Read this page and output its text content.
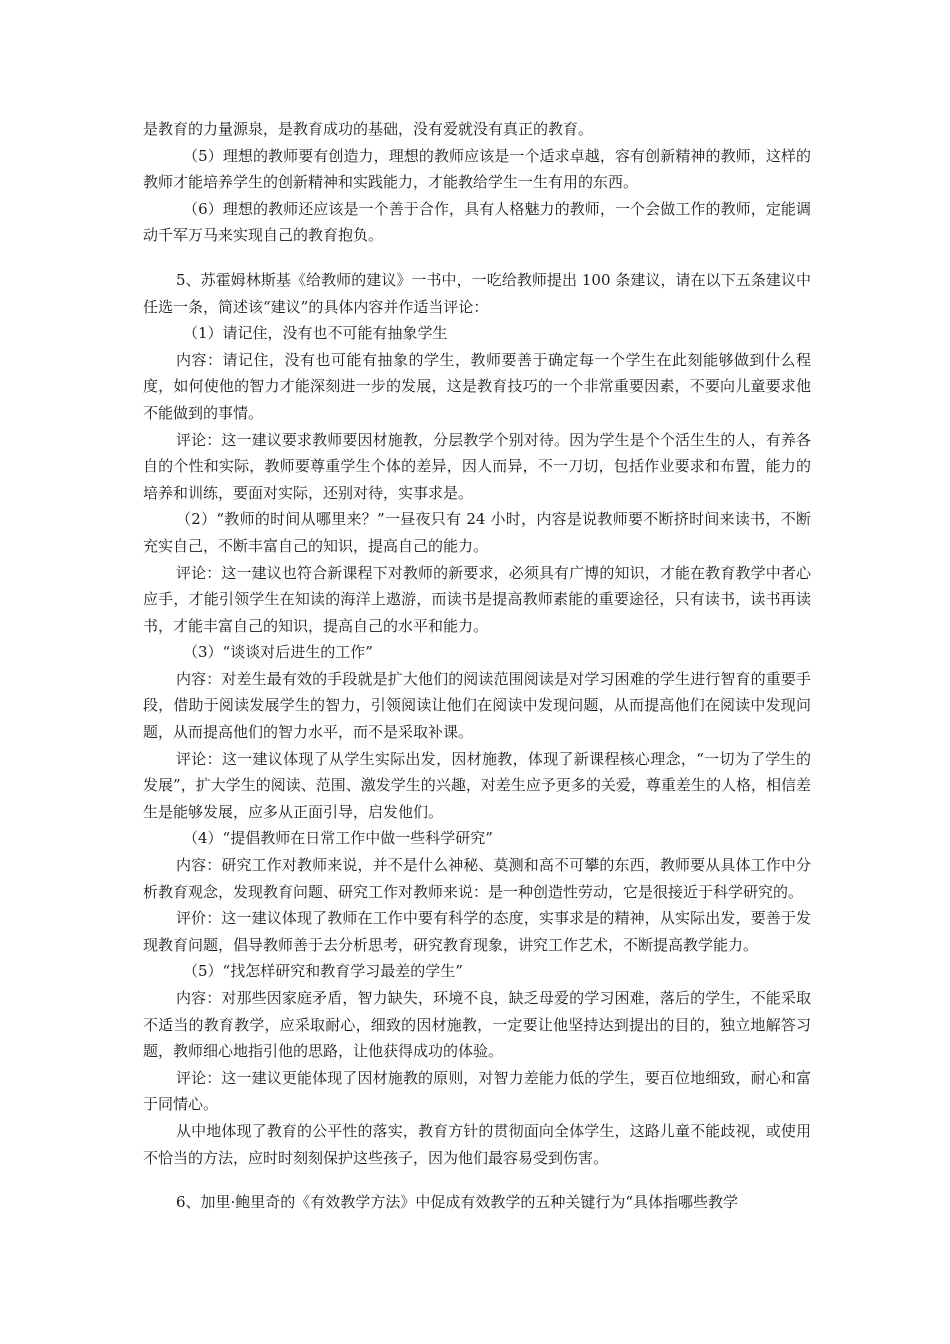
是教育的力量源泉，是教育成功的基础，没有爱就没有真正的教育。

（5）理想的教师要有创造力，理想的教师应该是一个适求卓越，容有创新精神的教师，这样的教师才能培养学生的创新精神和实践能力，才能教给学生一生有用的东西。

（6）理想的教师还应该是一个善于合作，具有人格魅力的教师，一个会做工作的教师，定能调动千军万马来实现自己的教育抱负。

5、苏霍姆林斯基《给教师的建议》一书中，一吃给教师提出 100 条建议，请在以下五条建议中任选一条，简述该“建议”的具体内容并作适当评论：

（1）请记住，没有也不可能有抽象学生

内容：请记住，没有也可能有抽象的学生，教师要善于确定每一个学生在此刻能够做到什么程度，如何使他的智力才能深刻进一步的发展，这是教育技巧的一个非常重要因素，不要向儿童要求他不能做到的事情。

评论：这一建议要求教师要因材施教，分层教学个别对待。因为学生是个个活生生的人，有养各自的个性和实际，教师要尊重学生个体的差异，因人而异，不一刀切，包括作业要求和布置，能力的培养和训练，要面对实际，还别对待，实事求是。

（2）“教师的时间从哪里来？”一昼夜只有 24 小时，内容是说教师要不断挤时间来读书，不断充实自己，不断丰富自己的知识，提高自己的能力。

评论：这一建议也符合新课程下对教师的新要求，必须具有广博的知识，才能在教育教学中者心应手，才能引领学生在知读的海洋上遨游，而读书是提高教师素能的重要途径，只有读书，读书再读书，才能丰富自己的知识，提高自己的水平和能力。

（3）“谈谈对后进生的工作”

内容：对差生最有效的手段就是扩大他们的阅读范围阅读是对学习困难的学生进行智育的重要手段，借助于阅读发展学生的智力，引领阅读让他们在阅读中发现问题，从而提高他们在阅读中发现问题，从而提高他们的智力水平，而不是采取补课。

评论：这一建议体现了从学生实际出发，因材施教，体现了新课程核心理念，“一切为了学生的发展”，扩大学生的阅读、范围、激发学生的兴趣，对差生应予更多的关爱，尊重差生的人格，相信差生是能够发展，应多从正面引导，启发他们。

（4）“提倡教师在日常工作中做一些科学研究”

内容：研究工作对教师来说，并不是什么神秘、莫测和高不可攀的东西，教师要从具体工作中分析教育观念，发现教育问题、研究工作对教师来说：是一种创造性劳动，它是很接近于科学研究的。

评价：这一建议体现了教师在工作中要有科学的态度，实事求是的精神，从实际出发，要善于发现教育问题，倡导教师善于去分析思考，研究教育现象，讲究工作艺术，不断提高教学能力。

（5）“找怎样研究和教育学习最差的学生”

内容：对那些因家庭矛盾，智力缺失，环境不良，缺乏母爱的学习困难，落后的学生，不能采取不适当的教育教学，应采取耐心，细致的因材施教，一定要让他坚持达到提出的目的，独立地解答习题，教师细心地指引他的思路，让他获得成功的体验。

评论：这一建议更能体现了因材施教的原则，对智力差能力低的学生，要百位地细致，耐心和富于同情心。

从中地体现了教育的公平性的落实，教育方针的贯彻面向全体学生，这路儿童不能歧视，或使用不恰当的方法，应时时刻刻保护这些孩子，因为他们最容易受到伤害。

6、加里·鲍里奇的《有效教学方法》中促成有效教学的五种关键行为“具体指哪些教学
